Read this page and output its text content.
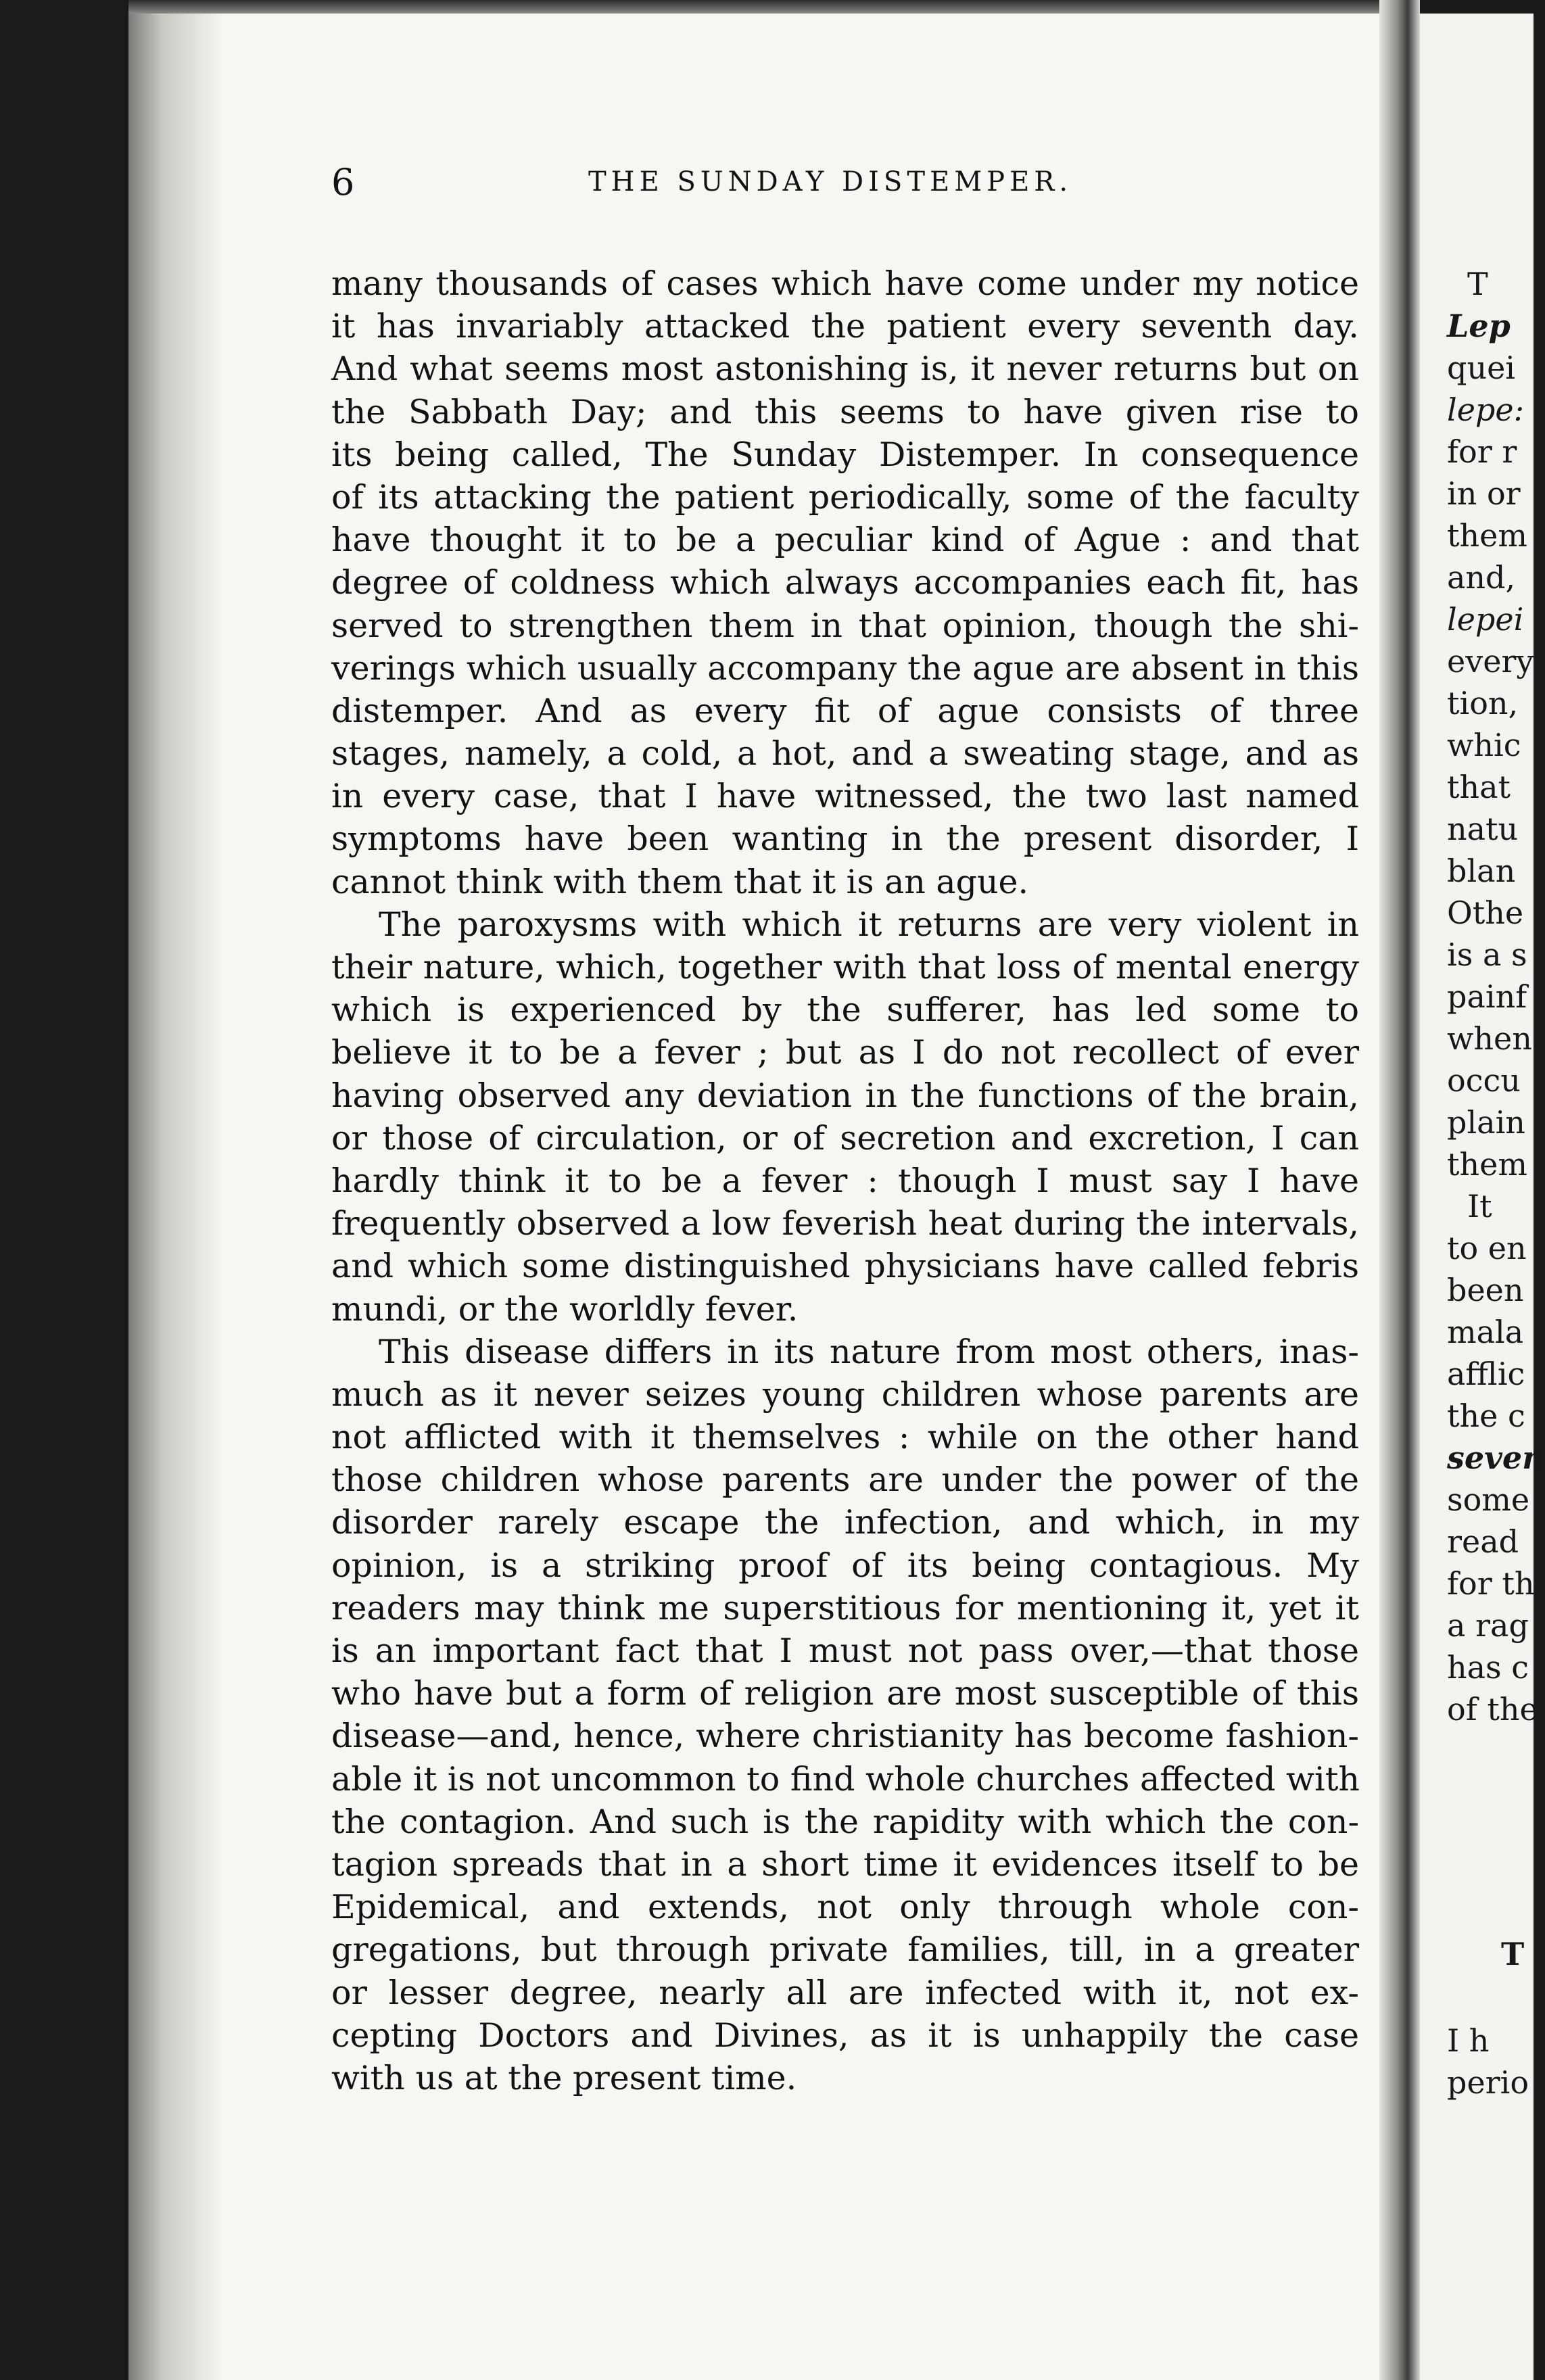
T
Lep
quei
lepe:
for r
in or
them
and,
lepei
every
tion,
whic
that
natu
blan
Othe
is a s
painf
when
occu
plain
them
It
to en
been
mala
afflic
the c
seven
some
read
for th
a rag
has c
of the
T
I h
perio
6	THE SUNDAY DISTEMPER.
many thousands of cases which have come under my notice
it has invariably attacked the patient every seventh day.
And what seems most astonishing is, it never returns but on
the Sabbath Day; and this seems to have given rise to
its being called, The Sunday Distemper. In consequence
of its attacking the patient periodically, some of the faculty
have thought it to be a peculiar kind of Ague : and that
degree of coldness which always accompanies each fit, has
served to strengthen them in that opinion, though the shi-
verings which usually accompany the ague are absent in this
distemper. And as every fit of ague consists of three
stages, namely, a cold, a hot, and a sweating stage, and as
in every case, that I have witnessed, the two last named
symptoms have been wanting in the present disorder, I
cannot think with them that it is an ague.
The paroxysms with which it returns are very violent in
their nature, which, together with that loss of mental energy
which is experienced by the sufferer, has led some to
believe it to be a fever ; but as I do not recollect of ever
having observed any deviation in the functions of the brain,
or those of circulation, or of secretion and excretion, I can
hardly think it to be a fever : though I must say I have
frequently observed a low feverish heat during the intervals,
and which some distinguished physicians have called febris
mundi, or the worldly fever.
This disease differs in its nature from most others, inas-
much as it never seizes young children whose parents are
not afflicted with it themselves : while on the other hand
those children whose parents are under the power of the
disorder rarely escape the infection, and which, in my
opinion, is a striking proof of its being contagious. My
readers may think me superstitious for mentioning it, yet it
is an important fact that I must not pass over,—that those
who have but a form of religion are most susceptible of this
disease—and, hence, where christianity has become fashion-
able it is not uncommon to find whole churches affected with
the contagion. And such is the rapidity with which the con-
tagion spreads that in a short time it evidences itself to be
Epidemical, and extends, not only through whole con-
gregations, but through private families, till, in a greater
or lesser degree, nearly all are infected with it, not ex-
cepting Doctors and Divines, as it is unhappily the case
with us at the present time.
